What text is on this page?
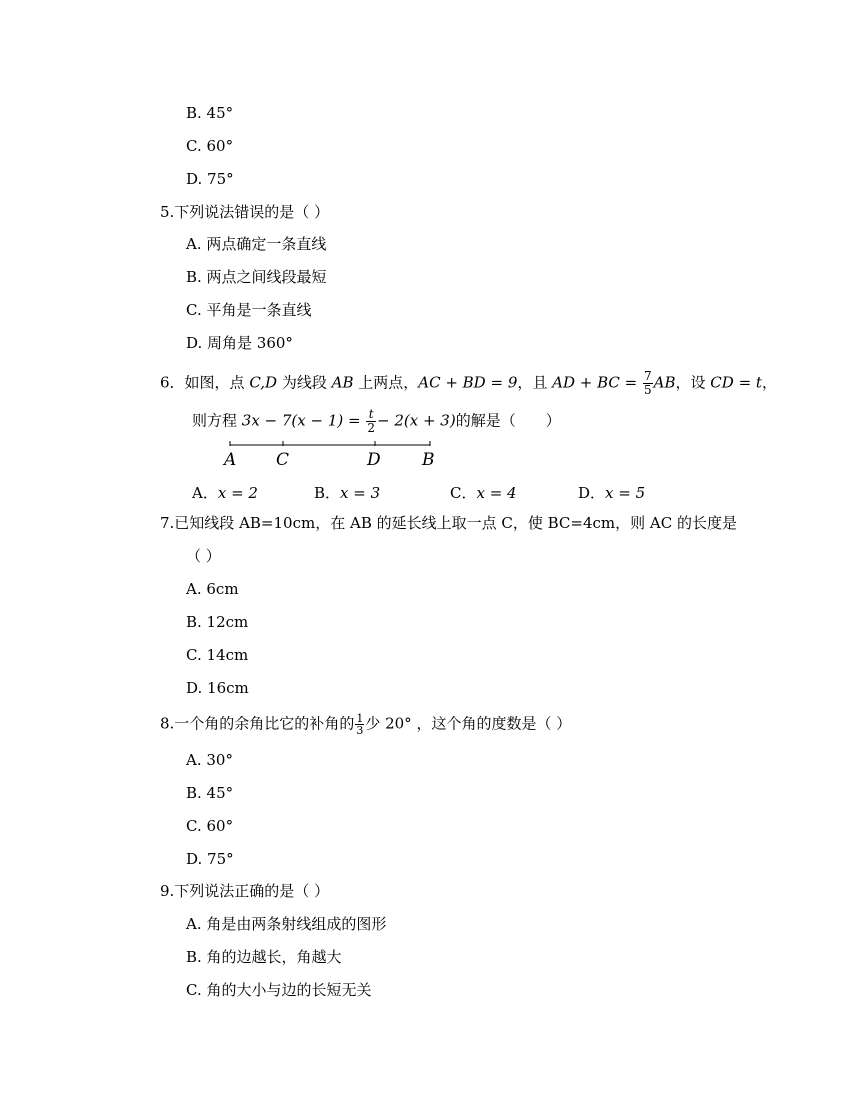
B. 45°
C. 60°
D. 75°
5.下列说法错误的是（ ）
A. 两点确定一条直线
B. 两点之间线段最短
C. 平角是一条直线
D. 周角是 360°
6．如图，点 C,D 为线段 AB 上两点，AC + BD = 9，且 AD + BC = $\frac{7}{5}$ AB，设 CD = t，
则方程 $3x - 7(x - 1) = \frac{t}{2} - 2(x + 3)$的解是（　　）
A C	D B
A．x = 2	B．x = 3	C．x = 4	D．x = 5
7.已知线段 AB=10cm，在 AB 的延长线上取一点 C，使 BC=4cm，则 AC 的长度是
（ ）
A. 6cm
B. 12cm
C. 14cm
D. 16cm
8.一个角的余角比它的补角的 $\frac{1}{3}$ 少 20° ，这个角的度数是（ ）
A. 30°
B. 45°
C. 60°
D. 75°
9.下列说法正确的是（ ）
A. 角是由两条射线组成的图形
B. 角的边越长，角越大
C. 角的大小与边的长短无关
